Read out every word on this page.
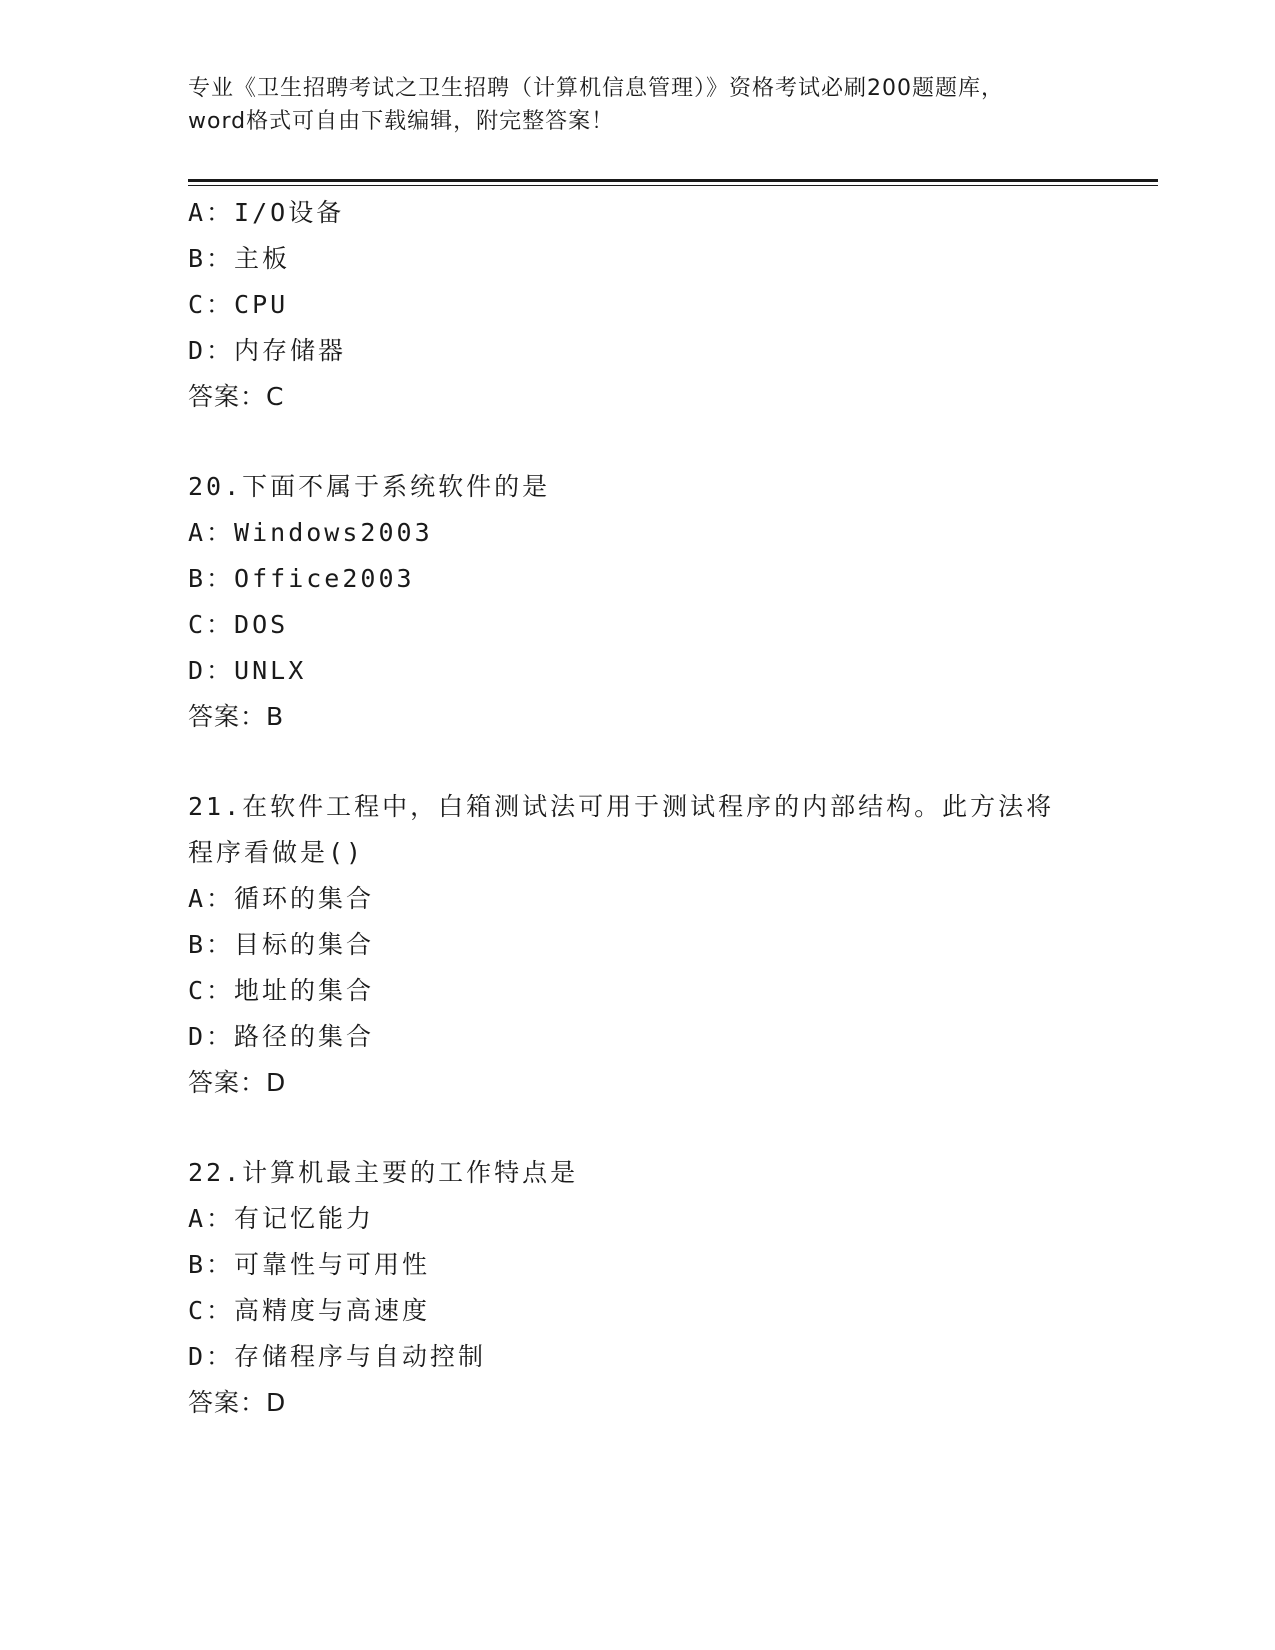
专业《卫生招聘考试之卫生招聘（计算机信息管理）》资格考试必刷200题题库，
word格式可自由下载编辑，附完整答案！
A：I/O设备
B：主板
C：CPU
D：内存储器
答案：C
20.下面不属于系统软件的是
A：Windows2003
B：Office2003
C：DOS
D：UNLX
答案：B
21.在软件工程中，白箱测试法可用于测试程序的内部结构。此方法将
程序看做是()
A：循环的集合
B：目标的集合
C：地址的集合
D：路径的集合
答案：D
22.计算机最主要的工作特点是
A：有记忆能力
B：可靠性与可用性
C：高精度与高速度
D：存储程序与自动控制
答案：D
